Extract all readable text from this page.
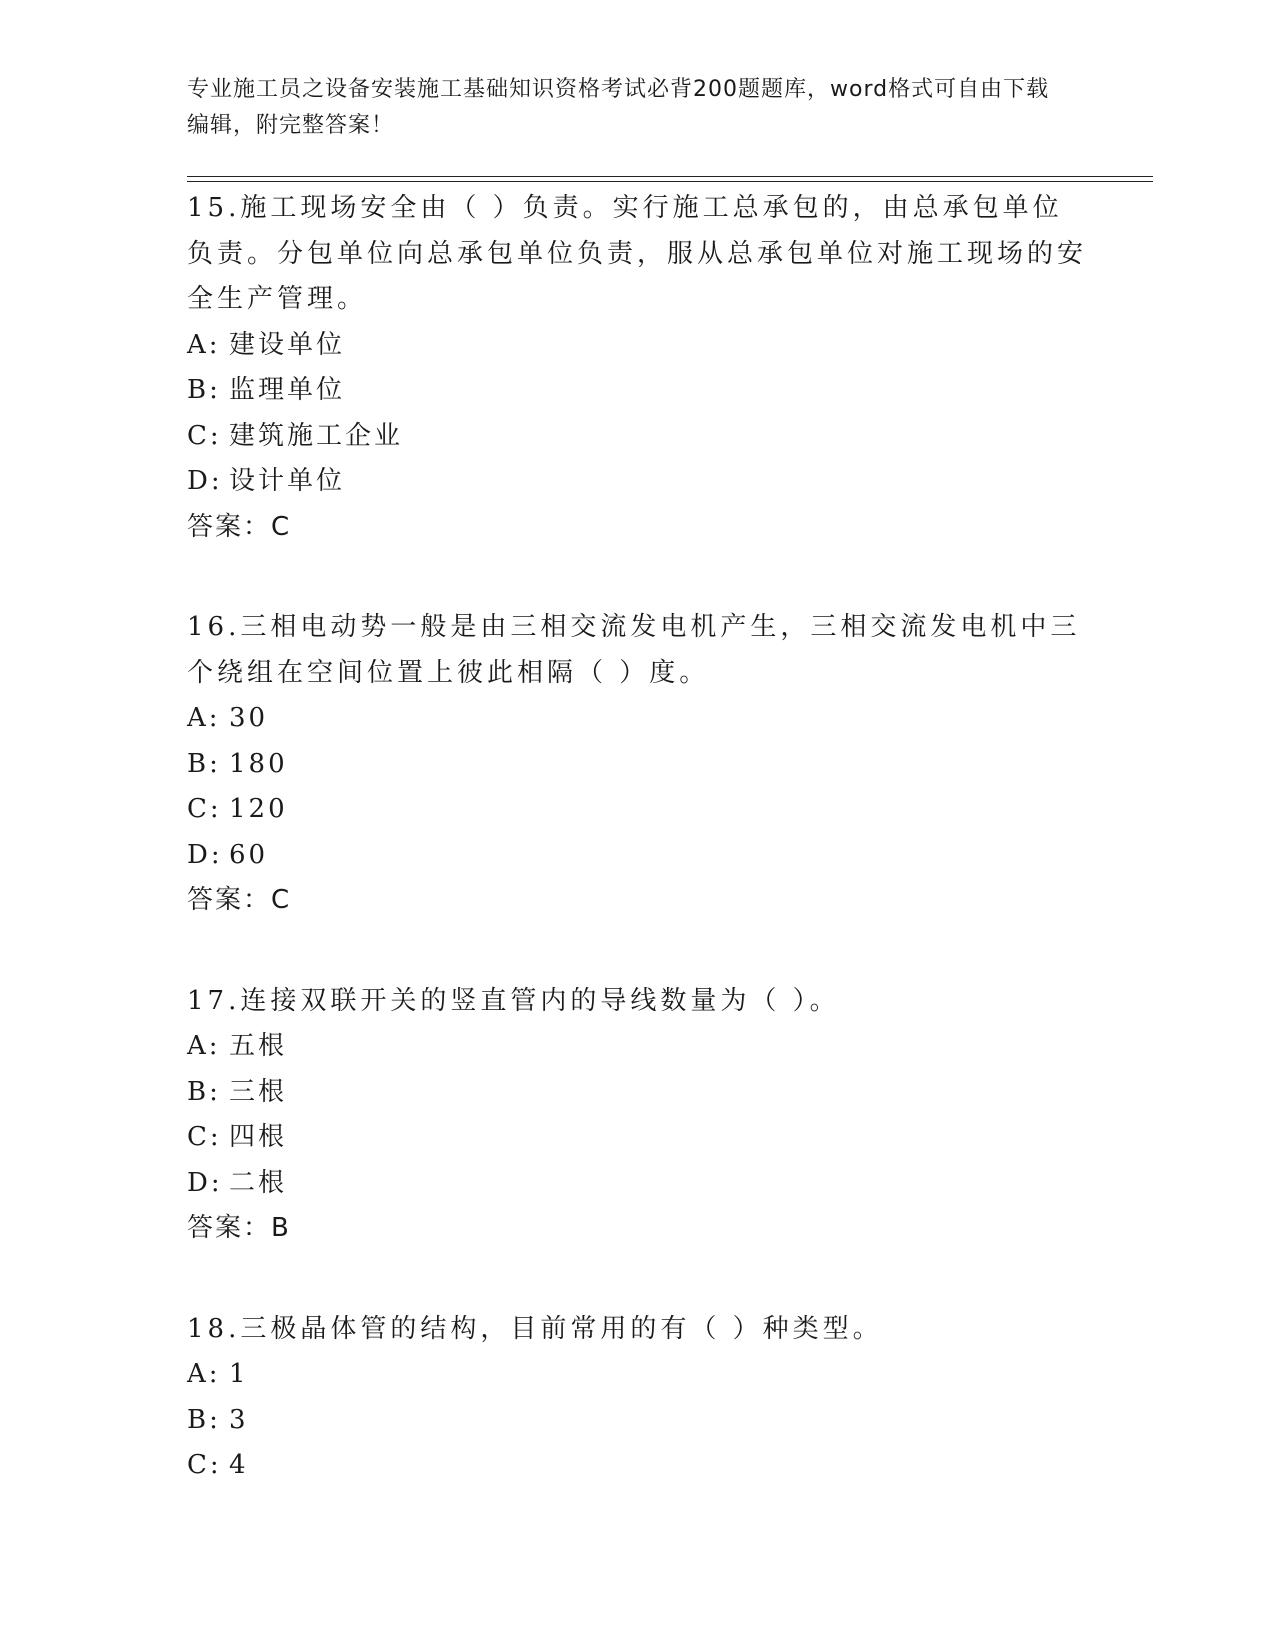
专业施工员之设备安装施工基础知识资格考试必背200题题库，word格式可自由下载编辑，附完整答案！

15.施工现场安全由（ ）负责。实行施工总承包的，由总承包单位负责。分包单位向总承包单位负责，服从总承包单位对施工现场的安全生产管理。

A: 建设单位

B: 监理单位

C: 建筑施工企业

D: 设计单位

答案：C

16.三相电动势一般是由三相交流发电机产生，三相交流发电机中三个绕组在空间位置上彼此相隔（ ）度。

A: 30

B: 180

C: 120

D: 60

答案：C

17.连接双联开关的竖直管内的导线数量为（ ）。

A: 五根

B: 三根

C: 四根

D: 二根

答案：B

18.三极晶体管的结构，目前常用的有（ ）种类型。

A: 1

B: 3

C: 4
